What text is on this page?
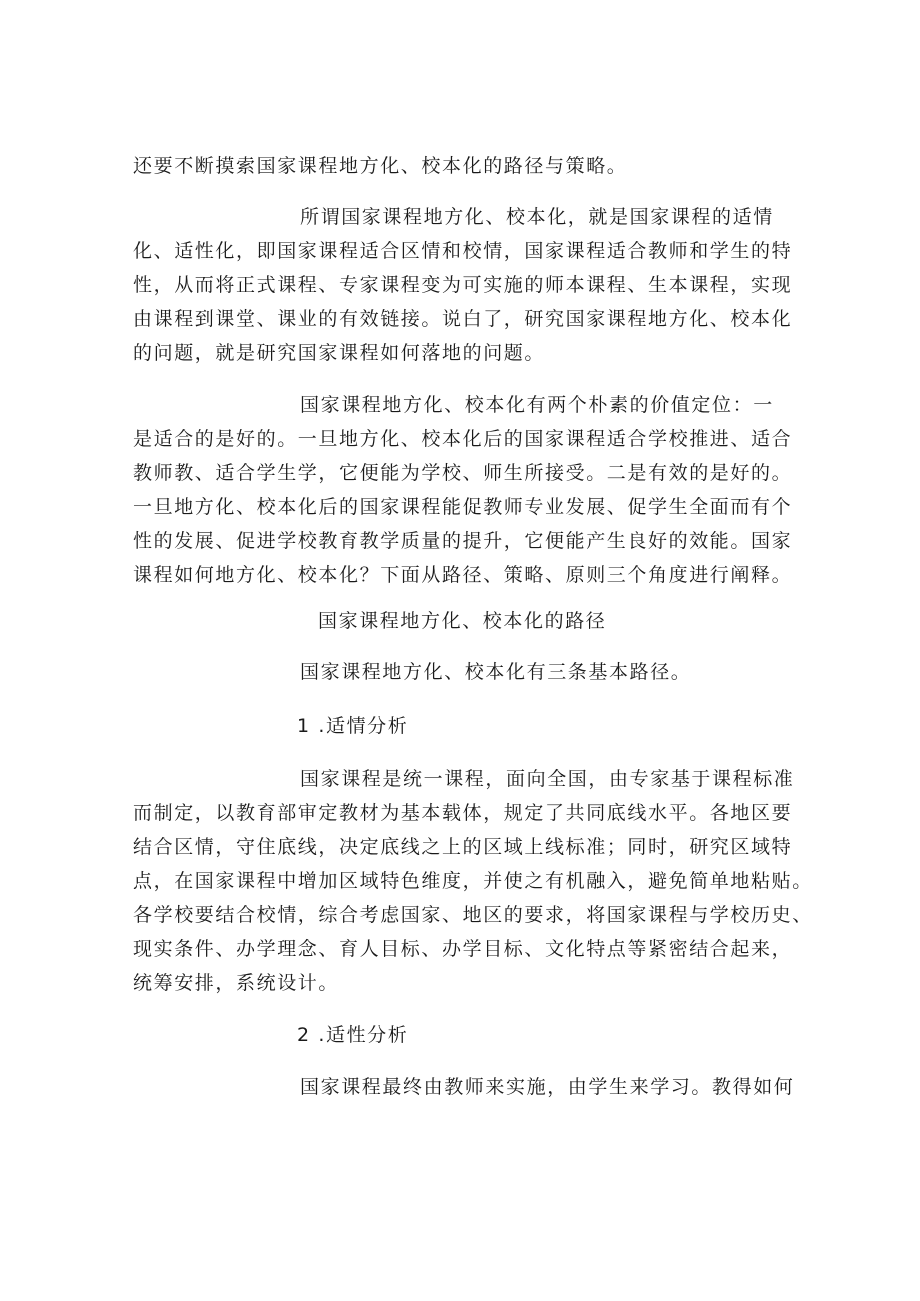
还要不断摸索国家课程地方化、校本化的路径与策略。
所谓国家课程地方化、校本化，就是国家课程的适情
化、适性化，即国家课程适合区情和校情，国家课程适合教师和学生的特
性，从而将正式课程、专家课程变为可实施的师本课程、生本课程，实现
由课程到课堂、课业的有效链接。说白了，研究国家课程地方化、校本化
的问题，就是研究国家课程如何落地的问题。
国家课程地方化、校本化有两个朴素的价值定位：一
是适合的是好的。一旦地方化、校本化后的国家课程适合学校推进、适合
教师教、适合学生学，它便能为学校、师生所接受。二是有效的是好的。
一旦地方化、校本化后的国家课程能促教师专业发展、促学生全面而有个
性的发展、促进学校教育教学质量的提升，它便能产生良好的效能。国家
课程如何地方化、校本化？下面从路径、策略、原则三个角度进行阐释。
国家课程地方化、校本化的路径
国家课程地方化、校本化有三条基本路径。
1 .适情分析
国家课程是统一课程，面向全国，由专家基于课程标准
而制定，以教育部审定教材为基本载体，规定了共同底线水平。各地区要
结合区情，守住底线，决定底线之上的区域上线标准；同时，研究区域特
点，在国家课程中增加区域特色维度，并使之有机融入，避免简单地粘贴。
各学校要结合校情，综合考虑国家、地区的要求，将国家课程与学校历史、
现实条件、办学理念、育人目标、办学目标、文化特点等紧密结合起来，
统筹安排，系统设计。
2 .适性分析
国家课程最终由教师来实施，由学生来学习。教得如何
